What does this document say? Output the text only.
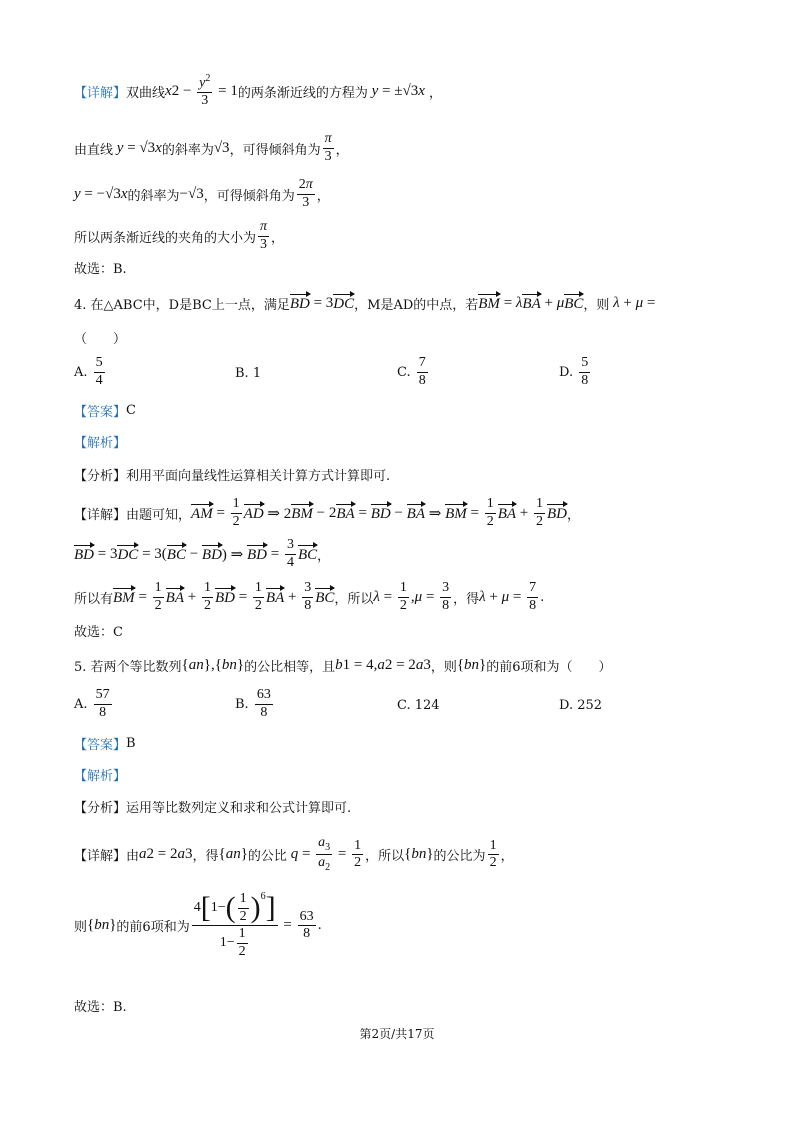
【详解】 双曲线 x $2 - \frac{y^2}{3} = 1$ 的两条渐近线的方程为 y = ±√3 x ，
由直线 y = √3 x 的斜率为 √3 ，可得倾斜角为 $\frac{\pi}{3}$ ，
y = −√3 x 的斜率为 −√3 ，可得倾斜角为 $\frac{2\pi}{3}$ ，
所以两条渐近线的夹角的大小为 $\frac{\pi}{3}$ ，
故选：B.
4. 在△ABC中，D是BC上一点，满足 BD = 3 DC ，M是AD的中点，若 BM = λ BA + μ BC ，则 λ + μ =
（　　）
A.
$\frac{5}{4}$	B. 1	C.
$\frac{7}{8}$	D.
$\frac{5}{8}$
【答案】 C
【解析】
【分析】 利用平面向量线性运算相关计算方式计算即可.
【详解】 由题可知， AM = $\frac{1}{2}$ AD ⇒ 2 BM − 2 BA = BD − BA ⇒ BM = $\frac{1}{2}$ BA + $\frac{1}{2}$ BD ，
BD = 3 DC = 3( BC − BD ) ⇒ BD = $\frac{3}{4}$ BC ，
所以有 BM = $\frac{1}{2}$ BA + $\frac{1}{2}$ BD = $\frac{1}{2}$ BA + $\frac{3}{8}$ BC ，所以 $\lambda = \frac{1}{2}$ , $\mu = \frac{3}{8}$ ，得 $\lambda + \mu = \frac{7}{8}$ .
故选：C
5. 若两个等比数列 { a n },{ b n } 的公比相等，且 b 1 = 4, a 2 = 2 a 3 ，则 { b n } 的前6项和为（　　）
A.
$\frac{57}{8}$	B.
$\frac{63}{8}$	C. 124	D. 252
【答案】 B
【解析】
【分析】 运用等比数列定义和求和公式计算即可.
【详解】 由 a 2 = 2 a 3 ，得 { a n } 的公比 $q = \frac{a_3}{a_2} = \frac{1}{2}$ ，所以 { b n } 的公比为 $\frac{1}{2}$ ，
则 { b n } 的前6项和为 $\frac{4 [ 1- ( \frac{1}{2} )^6 ]}{1- \frac{1}{2}} = \frac{63}{8}$ .
故选：B.
第2页/共17页
